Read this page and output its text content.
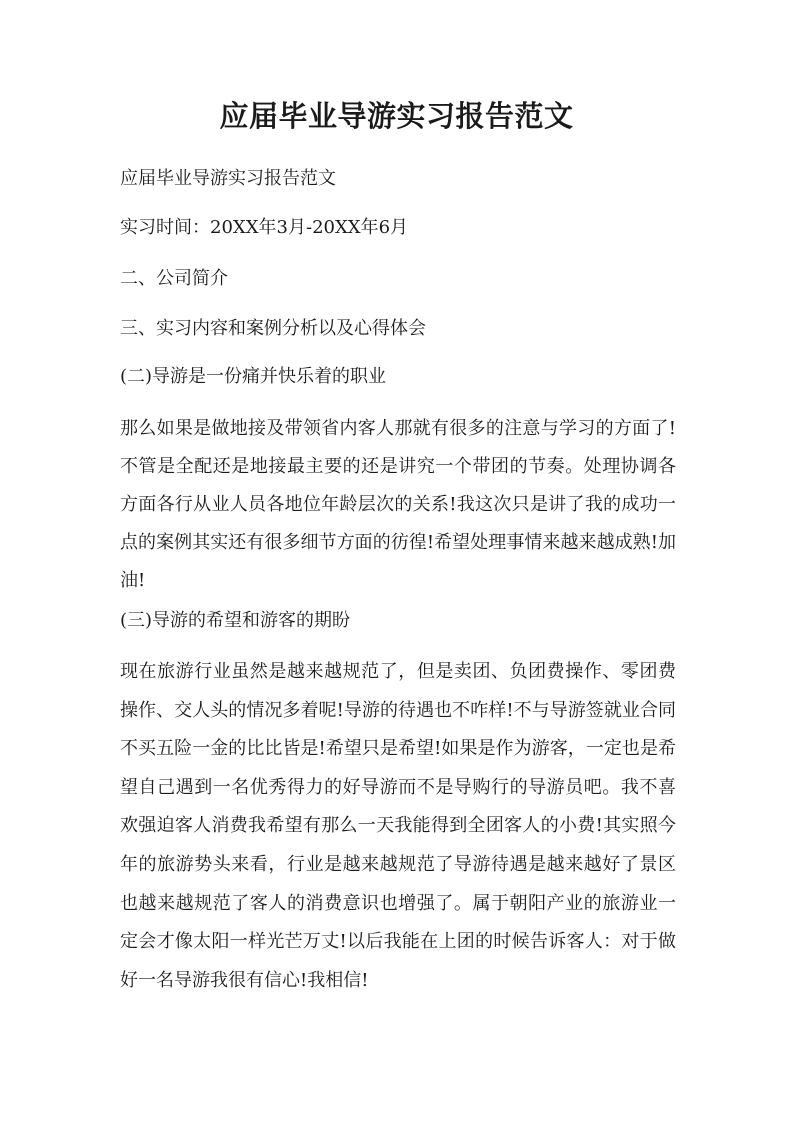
应届毕业导游实习报告范文

应届毕业导游实习报告范文

实习时间：20XX年3月-20XX年6月

二、公司简介

三、实习内容和案例分析以及心得体会

(二)导游是一份痛并快乐着的职业

那么如果是做地接及带领省内客人那就有很多的注意与学习的方面了!不管是全配还是地接最主要的还是讲究一个带团的节奏。处理协调各方面各行从业人员各地位年龄层次的关系!我这次只是讲了我的成功一点的案例其实还有很多细节方面的彷徨!希望处理事情来越来越成熟!加油!

(三)导游的希望和游客的期盼

现在旅游行业虽然是越来越规范了，但是卖团、负团费操作、零团费操作、交人头的情况多着呢!导游的待遇也不咋样!不与导游签就业合同不买五险一金的比比皆是!希望只是希望!如果是作为游客，一定也是希望自己遇到一名优秀得力的好导游而不是导购行的导游员吧。我不喜欢强迫客人消费我希望有那么一天我能得到全团客人的小费!其实照今年的旅游势头来看，行业是越来越规范了导游待遇是越来越好了景区也越来越规范了客人的消费意识也增强了。属于朝阳产业的旅游业一定会才像太阳一样光芒万丈!以后我能在上团的时候告诉客人：对于做好一名导游我很有信心!我相信!
